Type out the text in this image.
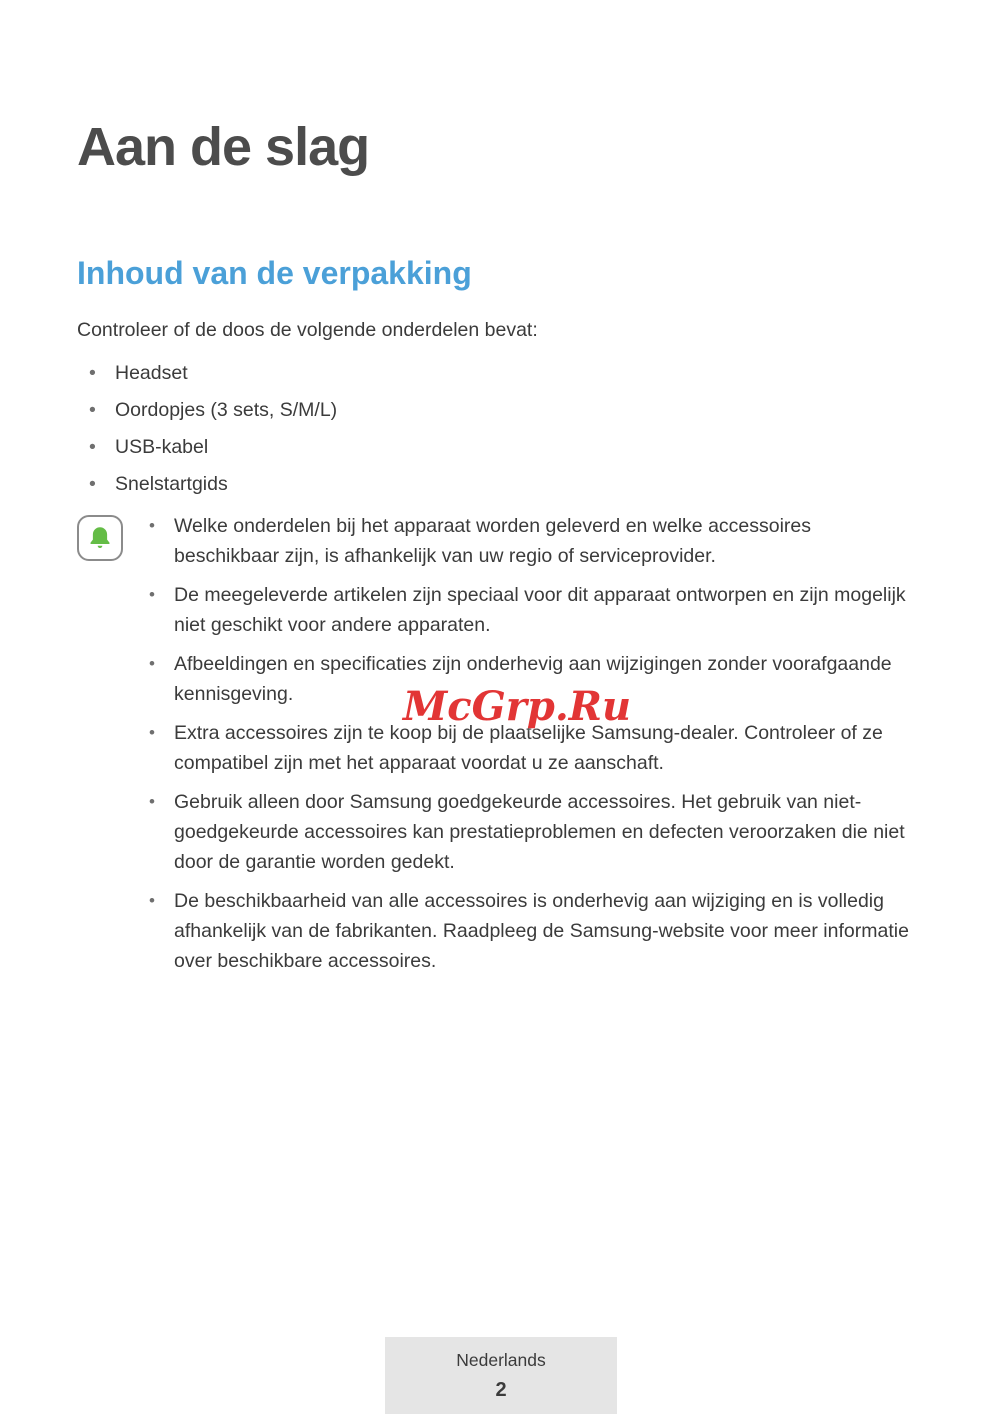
Aan de slag
Inhoud van de verpakking

Controleer of de doos de volgende onderdelen bevat:

• Headset
• Oordopjes (3 sets, S/M/L)
• USB-kabel
• Snelstartgids
• Welke onderdelen bij het apparaat worden geleverd en welke accessoires beschikbaar zijn, is afhankelijk van uw regio of serviceprovider.
• De meegeleverde artikelen zijn speciaal voor dit apparaat ontworpen en zijn mogelijk niet geschikt voor andere apparaten.
• Afbeeldingen en specificaties zijn onderhevig aan wijzigingen zonder voorafgaande kennisgeving.
• Extra accessoires zijn te koop bij de plaatselijke Samsung-dealer. Controleer of ze compatibel zijn met het apparaat voordat u ze aanschaft.
• Gebruik alleen door Samsung goedgekeurde accessoires. Het gebruik van niet-goedgekeurde accessoires kan prestatieproblemen en defecten veroorzaken die niet door de garantie worden gedekt.
• De beschikbaarheid van alle accessoires is onderhevig aan wijziging en is volledig afhankelijk van de fabrikanten. Raadpleeg de Samsung-website voor meer informatie over beschikbare accessoires.
McGrp.Ru
Nederlands
2
